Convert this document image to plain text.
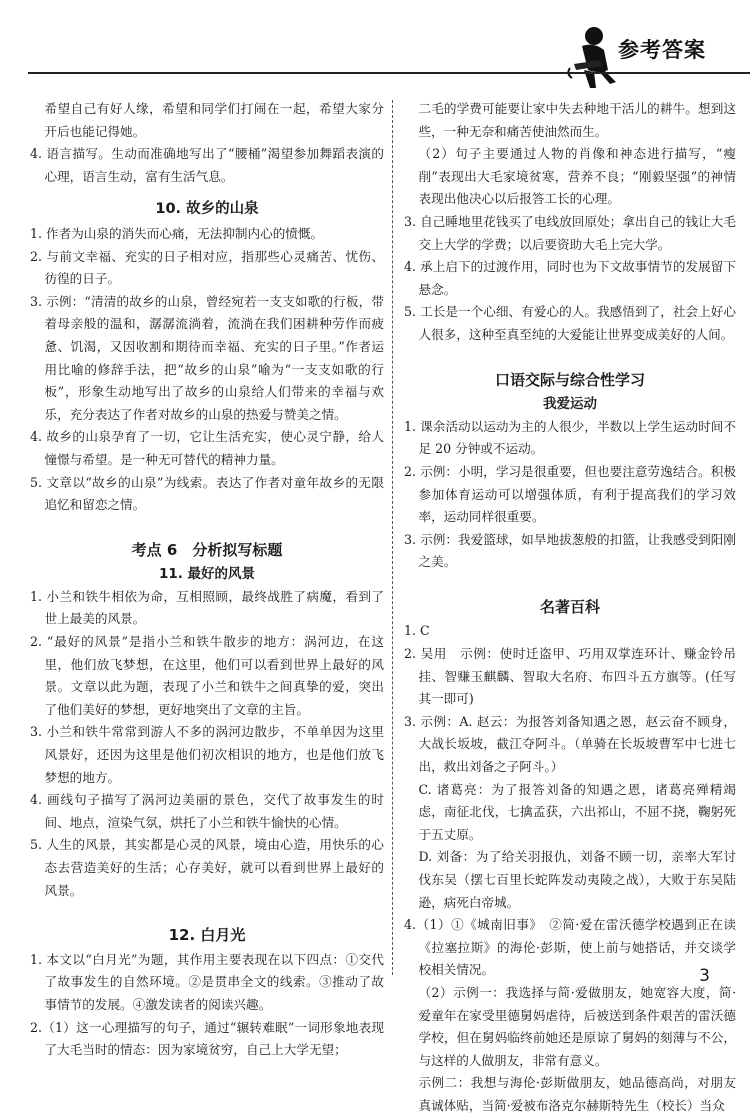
参考答案

希望自己有好人缘，希望和同学们打闹在一起，希望大家分开后也能记得她。

4. 语言描写。生动而准确地写出了“腰桶”渴望参加舞蹈表演的心理，语言生动，富有生活气息。

10. 故乡的山泉

1. 作者为山泉的消失而心痛，无法抑制内心的愤慨。

2. 与前文幸福、充实的日子相对应，指那些心灵痛苦、忧伤、彷徨的日子。

3. 示例：“清清的故乡的山泉，曾经宛若一支支如歌的行板，带着母亲般的温和，潺潺流淌着，流淌在我们困耕种劳作而疲惫、饥渴，又因收割和期待而幸福、充实的日子里。”作者运用比喻的修辞手法，把“故乡的山泉”喻为“一支支如歌的行板”，形象生动地写出了故乡的山泉给人们带来的幸福与欢乐，充分表达了作者对故乡的山泉的热爱与赞美之情。

4. 故乡的山泉孕育了一切，它让生活充实，使心灵宁静，给人憧憬与希望。是一种无可替代的精神力量。

5. 文章以“故乡的山泉”为线索。表达了作者对童年故乡的无限追忆和留恋之情。

考点 6　分析拟写标题

11. 最好的风景

1. 小兰和铁牛相依为命，互相照顾，最终战胜了病魔，看到了世上最美的风景。

2. “最好的风景”是指小兰和铁牛散步的地方：涡河边，在这里，他们放飞梦想，在这里，他们可以看到世界上最好的风景。文章以此为题，表现了小兰和铁牛之间真挚的爱，突出了他们美好的梦想，更好地突出了文章的主旨。

3. 小兰和铁牛常常到游人不多的涡河边散步，不单单因为这里风景好，还因为这里是他们初次相识的地方，也是他们放飞梦想的地方。

4. 画线句子描写了涡河边美丽的景色，交代了故事发生的时间、地点，渲染气氛，烘托了小兰和铁牛愉快的心情。

5. 人生的风景，其实都是心灵的风景，境由心造，用快乐的心态去营造美好的生活；心存美好，就可以看到世界上最好的风景。

12. 白月光

1. 本文以“白月光”为题，其作用主要表现在以下四点：①交代了故事发生的自然环境。②是贯串全文的线索。③推动了故事情节的发展。④激发读者的阅读兴趣。

2.（1）这一心理描写的句子，通过“辗转难眠”一词形象地表现了大毛当时的情态：因为家境贫穷，自己上大学无望；

二毛的学费可能要让家中失去种地干活儿的耕牛。想到这些，一种无奈和痛苦使油然而生。

（2）句子主要通过人物的肖像和神态进行描写，“瘦削”表现出大毛家境贫寒，营养不良；“刚毅坚强”的神情表现出他决心以后报答工长的心理。

3. 自己睡地里花钱买了电线放回原处；拿出自己的钱让大毛交上大学的学费；以后要资助大毛上完大学。

4. 承上启下的过渡作用，同时也为下文故事情节的发展留下悬念。

5. 工长是一个心细、有爱心的人。我感悟到了，社会上好心人很多，这种至真至纯的大爱能让世界变成美好的人间。

口语交际与综合性学习

我爱运动

1. 课余活动以运动为主的人很少，半数以上学生运动时间不足 20 分钟或不运动。

2. 示例：小明，学习是很重要，但也要注意劳逸结合。积极参加体育运动可以增强体质，有利于提高我们的学习效率，运动同样很重要。

3. 示例：我爱篮球，如旱地拔葱般的扣篮，让我感受到阳刚之美。

名著百科

1. C

2. 吴用　示例：使时迁盗甲、巧用双掌连环计、赚金铃吊挂、智赚玉麒麟、智取大名府、布四斗五方旗等。(任写其一即可)

3. 示例：A. 赵云：为报答刘备知遇之恩，赵云奋不顾身，大战长坂坡，截江夺阿斗。（单骑在长坂坡曹军中七进七出，救出刘备之子阿斗。）

C. 诸葛亮：为了报答刘备的知遇之恩，诸葛亮殚精竭虑，南征北伐，七擒孟获，六出祁山，不屈不挠，鞠躬死于五丈原。

D. 刘备：为了给关羽报仇，刘备不顾一切，亲率大军讨伐东吴（摆七百里长蛇阵发动夷陵之战），大败于东吴陆逊，病死白帝城。

4.（1）①《城南旧事》　②简·爱在雷沃德学校遇到正在读《拉塞拉斯》的海伦·彭斯，使上前与她搭话，并交谈学校相关情况。

（2）示例一：我选择与简·爱做朋友，她宽容大度，简·爱童年在家受里德舅妈虐待，后被送到条件艰苦的雷沃德学校，但在舅妈临终前她还是原谅了舅妈的刻薄与不公，与这样的人做朋友，非常有意义。

示例二：我想与海伦·彭斯做朋友，她品德高尚，对朋友真诚体贴，当简·爱被布洛克尔赫斯特先生（校长）当众

3
